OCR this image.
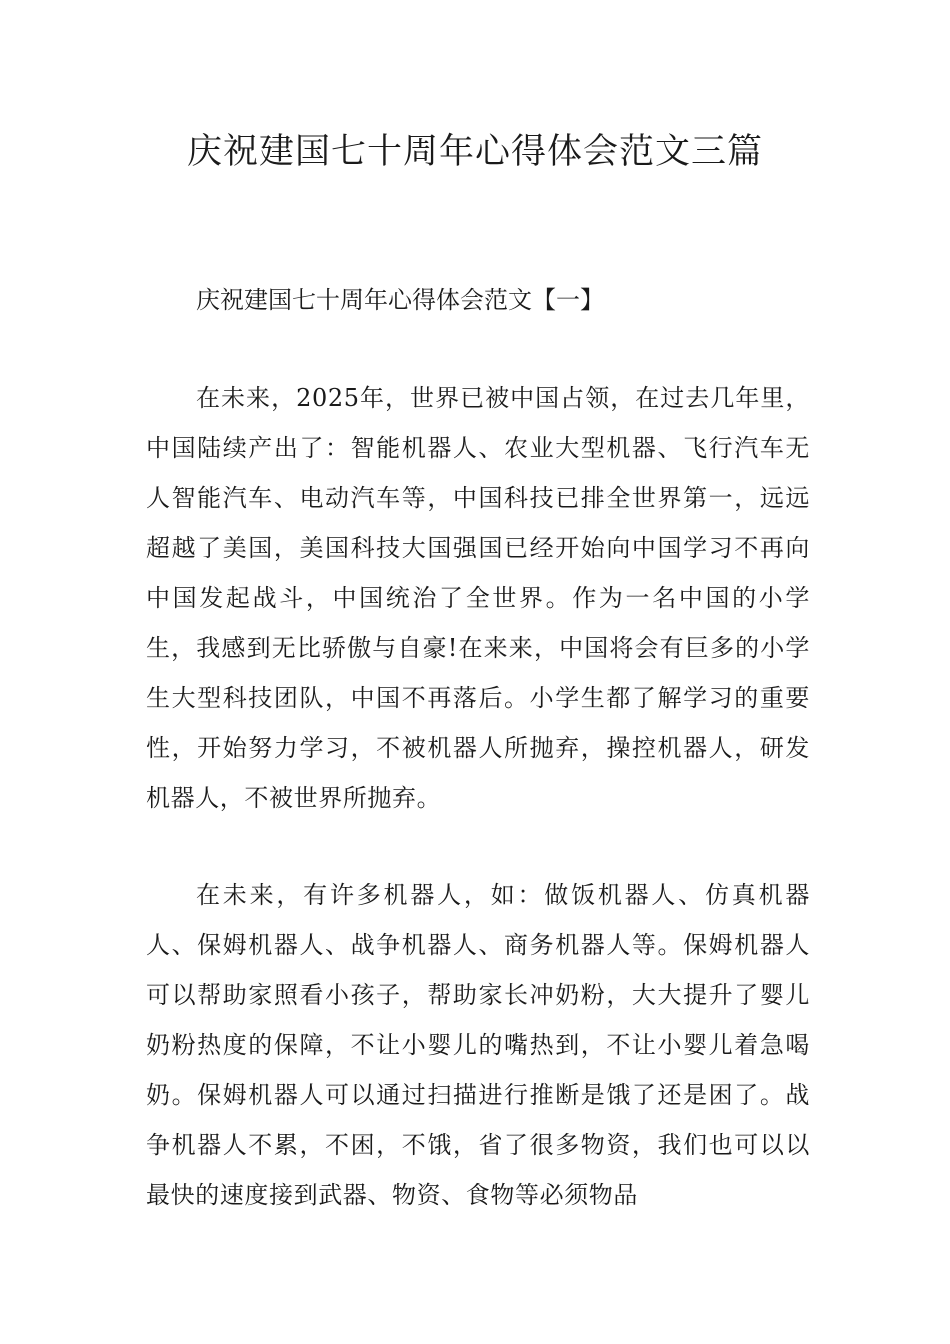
庆祝建国七十周年心得体会范文三篇

庆祝建国七十周年心得体会范文【一】

在未来，2025年，世界已被中国占领，在过去几年里，中国陆续产出了：智能机器人、农业大型机器、飞行汽车无人智能汽车、电动汽车等，中国科技已排全世界第一，远远超越了美国，美国科技大国强国已经开始向中国学习不再向中国发起战斗，中国统治了全世界。作为一名中国的小学生，我感到无比骄傲与自豪!在来来，中国将会有巨多的小学生大型科技团队，中国不再落后。小学生都了解学习的重要性，开始努力学习，不被机器人所抛弃，操控机器人，研发机器人，不被世界所抛弃。

在未来，有许多机器人，如：做饭机器人、仿真机器人、保姆机器人、战争机器人、商务机器人等。保姆机器人可以帮助家照看小孩子，帮助家长冲奶粉，大大提升了婴儿奶粉热度的保障，不让小婴儿的嘴热到，不让小婴儿着急喝奶。保姆机器人可以通过扫描进行推断是饿了还是困了。战争机器人不累，不困，不饿，省了很多物资，我们也可以以最快的速度接到武器、物资、食物等必须物品
